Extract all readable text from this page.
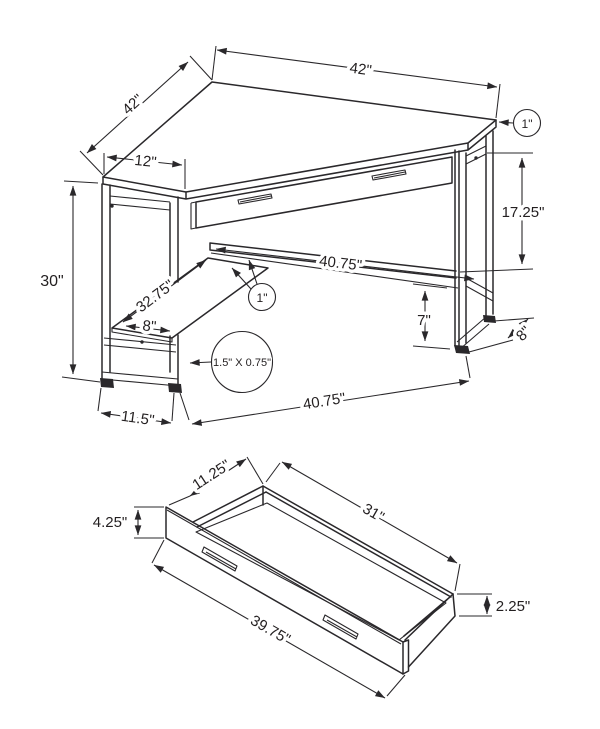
42"
42"
12"
1"
30"
17.25"
40.75"
1"
32.75"
8"	7"
8"
1.5" X 0.75"
11.5"
40.75"
11.25"
4.25"	31"
2.25"
39.75"
